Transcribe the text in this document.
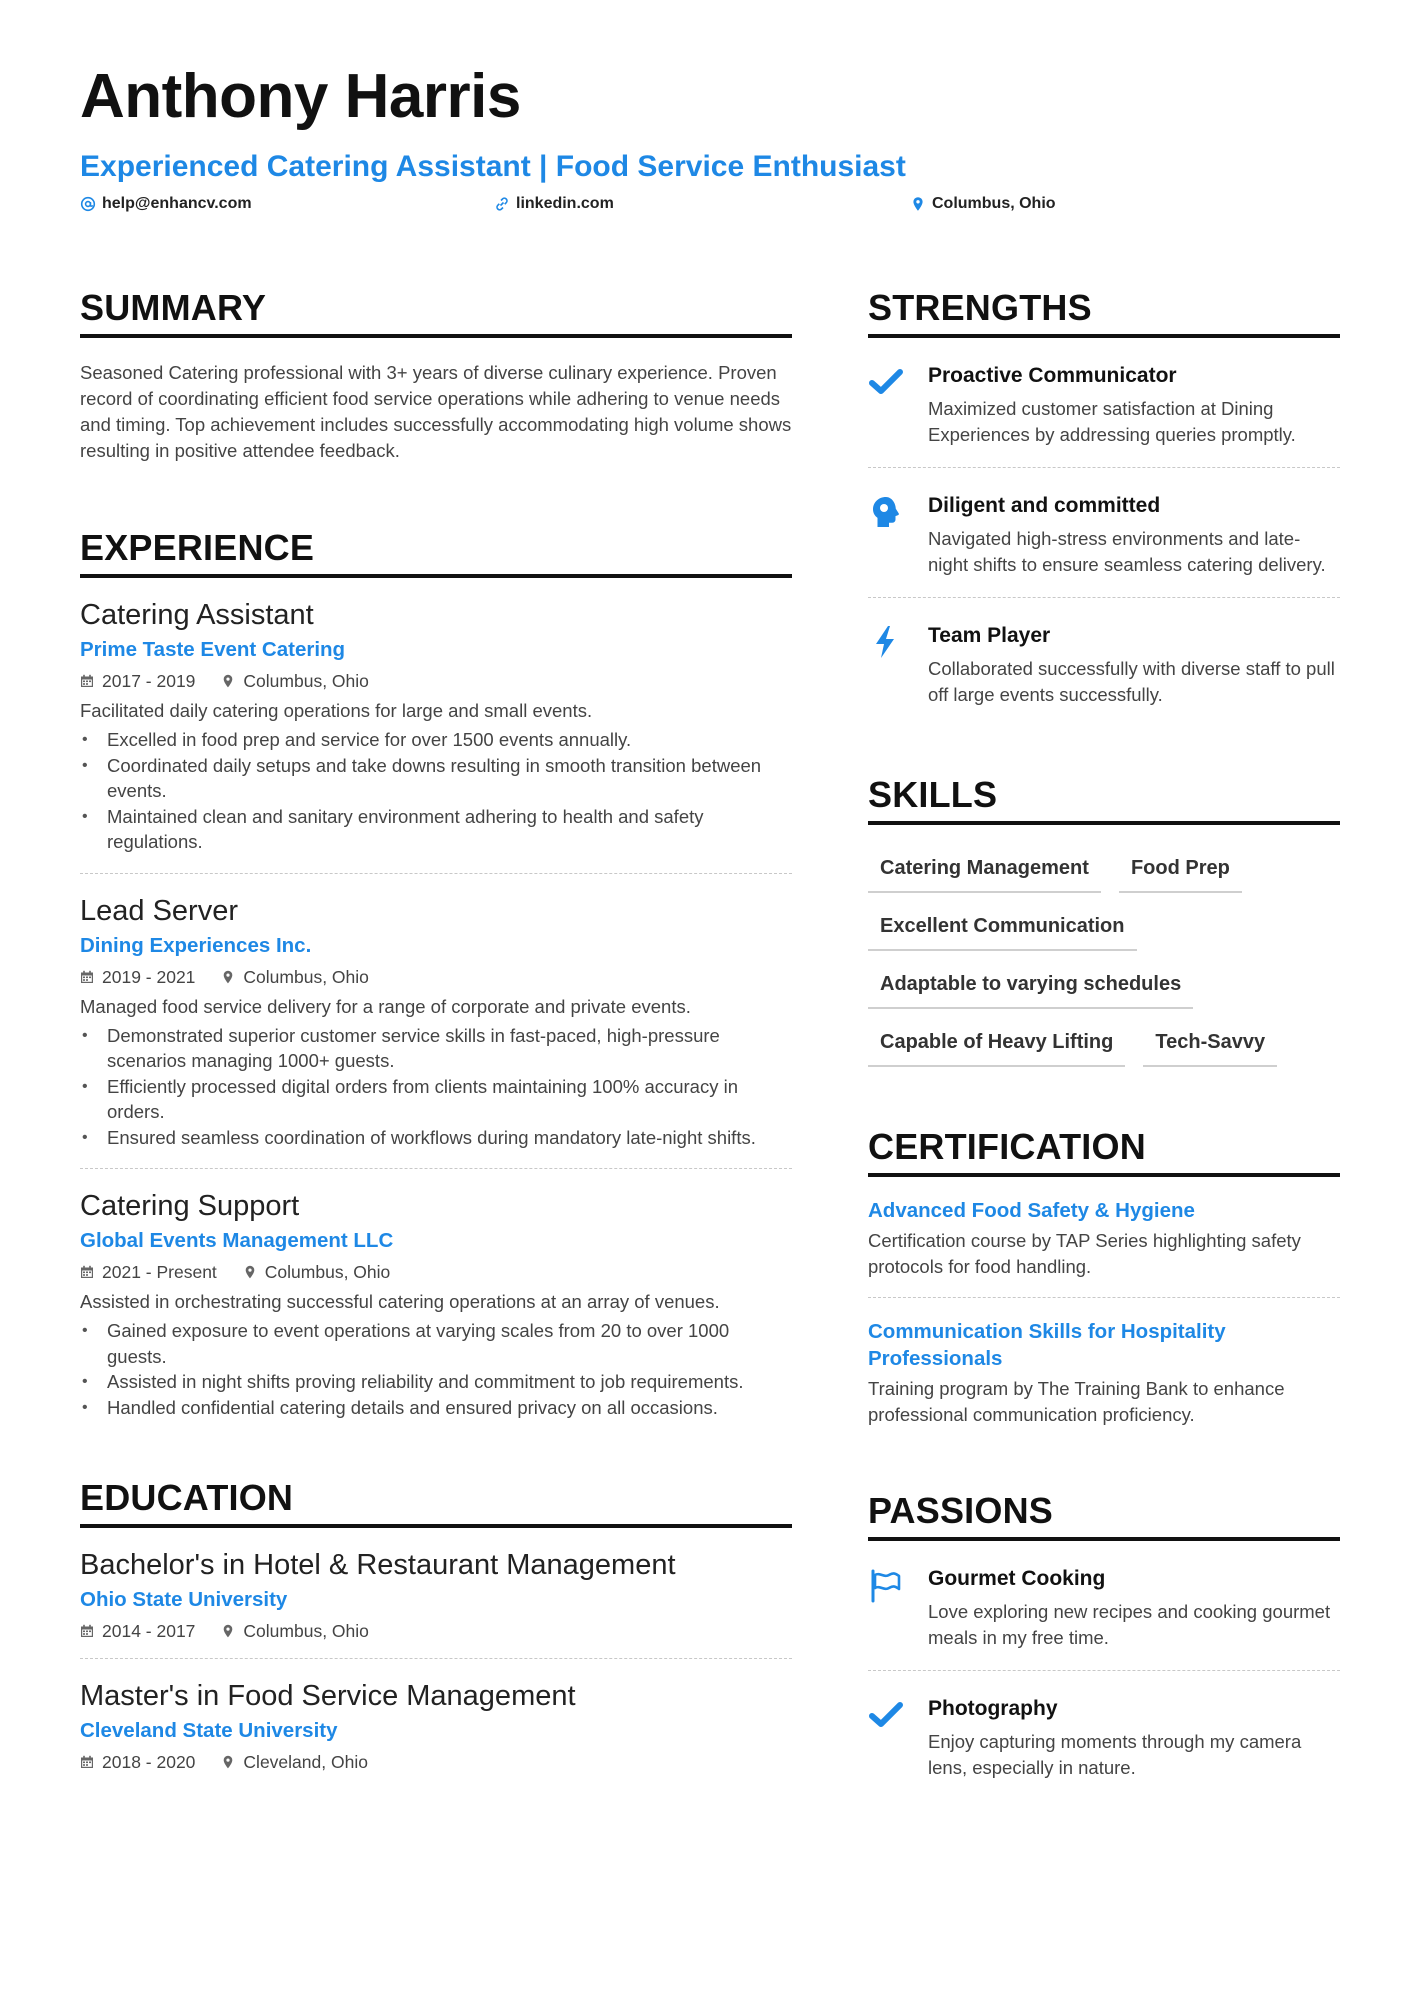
Anthony Harris
Experienced Catering Assistant | Food Service Enthusiast
help@enhancv.com	linkedin.com	Columbus, Ohio
SUMMARY
Seasoned Catering professional with 3+ years of diverse culinary experience. Proven record of coordinating efficient food service operations while adhering to venue needs and timing. Top achievement includes successfully accommodating high volume shows resulting in positive attendee feedback.
EXPERIENCE
Catering Assistant
Prime Taste Event Catering
2017 - 2019	Columbus, Ohio
Facilitated daily catering operations for large and small events.
• Excelled in food prep and service for over 1500 events annually.
• Coordinated daily setups and take downs resulting in smooth transition between events.
• Maintained clean and sanitary environment adhering to health and safety regulations.
Lead Server
Dining Experiences Inc.
2019 - 2021	Columbus, Ohio
Managed food service delivery for a range of corporate and private events.
• Demonstrated superior customer service skills in fast-paced, high-pressure scenarios managing 1000+ guests.
• Efficiently processed digital orders from clients maintaining 100% accuracy in orders.
• Ensured seamless coordination of workflows during mandatory late-night shifts.
Catering Support
Global Events Management LLC
2021 - Present	Columbus, Ohio
Assisted in orchestrating successful catering operations at an array of venues.
• Gained exposure to event operations at varying scales from 20 to over 1000 guests.
• Assisted in night shifts proving reliability and commitment to job requirements.
• Handled confidential catering details and ensured privacy on all occasions.
EDUCATION
Bachelor's in Hotel & Restaurant Management
Ohio State University
2014 - 2017	Columbus, Ohio
Master's in Food Service Management
Cleveland State University
2018 - 2020	Cleveland, Ohio
STRENGTHS
Proactive Communicator
Maximized customer satisfaction at Dining Experiences by addressing queries promptly.
Diligent and committed
Navigated high-stress environments and late-night shifts to ensure seamless catering delivery.
Team Player
Collaborated successfully with diverse staff to pull off large events successfully.
SKILLS
Catering Management	Food Prep
Excellent Communication
Adaptable to varying schedules
Capable of Heavy Lifting	Tech-Savvy
CERTIFICATION
Advanced Food Safety & Hygiene
Certification course by TAP Series highlighting safety protocols for food handling.
Communication Skills for Hospitality Professionals
Training program by The Training Bank to enhance professional communication proficiency.
PASSIONS
Gourmet Cooking
Love exploring new recipes and cooking gourmet meals in my free time.
Photography
Enjoy capturing moments through my camera lens, especially in nature.
